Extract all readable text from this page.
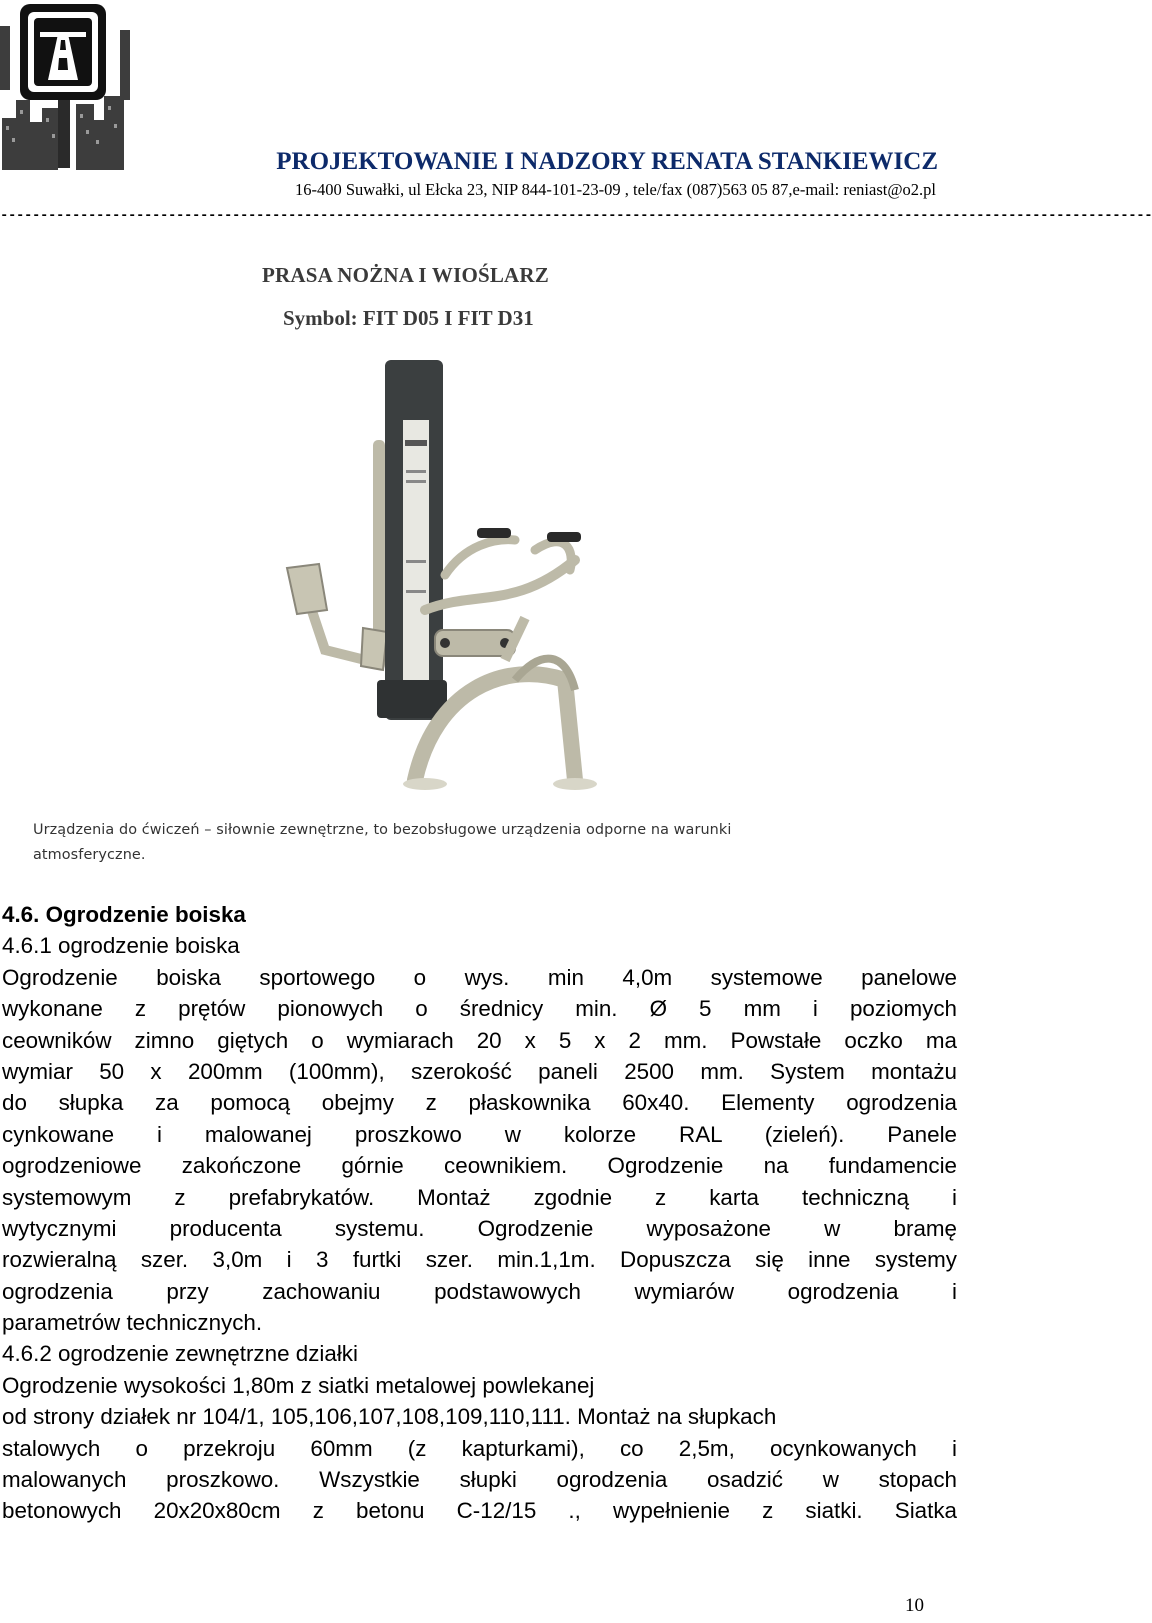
PROJEKTOWANIE I NADZORY RENATA STANKIEWICZ
16-400 Suwałki, ul Ełcka 23, NIP 844-101-23-09 , tele/fax (087)563 05 87,e-mail: reniast@o2.pl
------------------------------------------------------------------------------------------------------------------------------------------------
PRASA NOŻNA I WIOŚLARZ
Symbol: FIT D05 I FIT D31
Urządzenia do ćwiczeń – siłownie zewnętrzne, to bezobsługowe urządzenia odporne na warunki
atmosferyczne.
4.6. Ogrodzenie boiska
4.6.1 ogrodzenie boiska
Ogrodzenie boiska sportowego o wys. min 4,0m systemowe panelowe
wykonane z prętów pionowych o średnicy min. Ø 5 mm i poziomych
ceowników zimno giętych o wymiarach 20 x 5 x 2 mm. Powstałe oczko ma
wymiar 50 x 200mm (100mm), szerokość paneli 2500 mm. System montażu
do słupka za pomocą obejmy z płaskownika 60x40. Elementy ogrodzenia
cynkowane i malowanej proszkowo w kolorze RAL (zieleń). Panele
ogrodzeniowe zakończone górnie ceownikiem. Ogrodzenie na fundamencie
systemowym z prefabrykatów. Montaż zgodnie z karta techniczną i
wytycznymi producenta systemu. Ogrodzenie wyposażone w bramę
rozwieralną szer. 3,0m i 3 furtki szer. min.1,1m. Dopuszcza się inne systemy
ogrodzenia przy zachowaniu podstawowych wymiarów ogrodzenia i
parametrów technicznych.
4.6.2 ogrodzenie zewnętrzne działki
Ogrodzenie wysokości 1,80m z siatki metalowej powlekanej
od strony działek nr 104/1, 105,106,107,108,109,110,111. Montaż na słupkach
stalowych o przekroju 60mm (z kapturkami), co 2,5m, ocynkowanych i
malowanych proszkowo. Wszystkie słupki ogrodzenia osadzić w stopach
betonowych 20x20x80cm z betonu C-12/15 ., wypełnienie z siatki. Siatka
10
